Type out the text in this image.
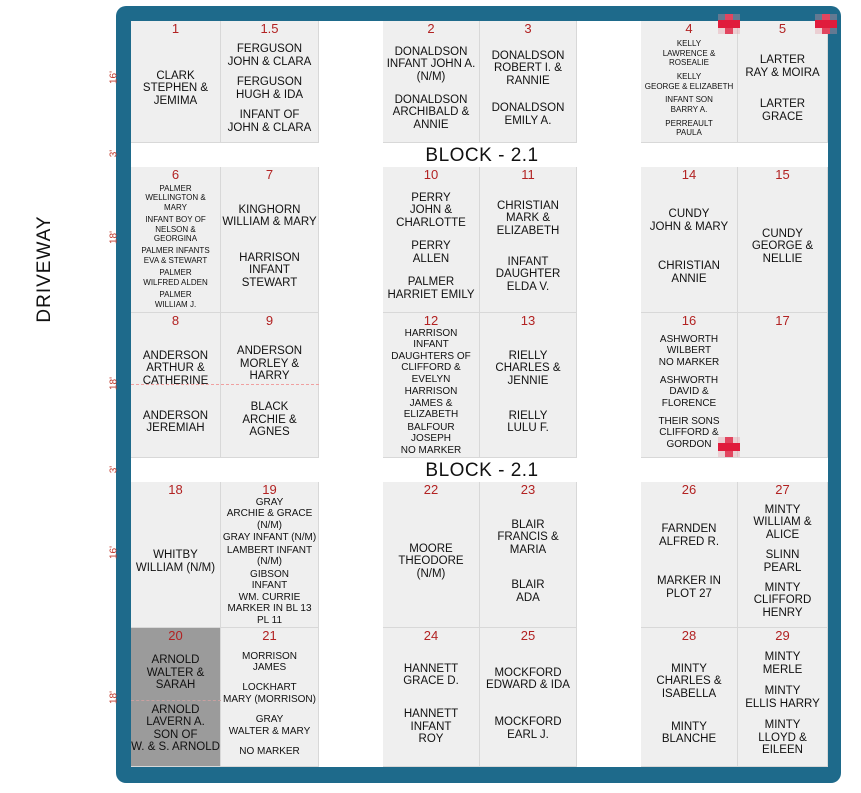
1
CLARK
STEPHEN & JEMIMA
1.5
FERGUSON
JOHN & CLARA
FERGUSON
HUGH & IDA
INFANT OF
JOHN & CLARA
2
DONALDSON
INFANT JOHN A.
(N/M)
DONALDSON
ARCHIBALD & ANNIE
3
DONALDSON
ROBERT I. &
RANNIE
DONALDSON
EMILY A.
4
KELLY
LAWRENCE &
ROSEALIE
KELLY
GEORGE & ELIZABETH
INFANT SON
BARRY A.
PERREAULT
PAULA
5
LARTER
RAY & MOIRA
LARTER
GRACE
6
PALMER
WELLINGTON &
MARY
INFANT BOY OF
NELSON &
GEORGINA
PALMER INFANTS
EVA & STEWART
PALMER
WILFRED ALDEN
PALMER
WILLIAM J.
7
KINGHORN
WILLIAM & MARY
HARRISON
INFANT STEWART
10
PERRY
JOHN &
CHARLOTTE
PERRY
ALLEN
PALMER
HARRIET EMILY
11
CHRISTIAN
MARK & ELIZABETH
INFANT DAUGHTER
ELDA V.
14
CUNDY
JOHN & MARY
CHRISTIAN
ANNIE
15
CUNDY
GEORGE & NELLIE
8
ANDERSON
ARTHUR &
CATHERINE
ANDERSON
JEREMIAH
9
ANDERSON
MORLEY & HARRY
BLACK
ARCHIE & AGNES
12
HARRISON
INFANT
DAUGHTERS OF
CLIFFORD &
EVELYN
HARRISON
JAMES & ELIZABETH
BALFOUR
JOSEPH
NO MARKER
13
RIELLY
CHARLES & JENNIE
RIELLY
LULU F.
16
ASHWORTH
WILBERT
NO MARKER
ASHWORTH
DAVID & FLORENCE
THEIR SONS
CLIFFORD &
GORDON
17
18
WHITBY
WILLIAM (N/M)
19
GRAY
ARCHIE & GRACE (N/M)
GRAY INFANT (N/M)
LAMBERT INFANT (N/M)
GIBSON
INFANT
WM. CURRIE
MARKER IN BL 13 PL 11
22
MOORE
THEODORE (N/M)
23
BLAIR
FRANCIS & MARIA
BLAIR
ADA
26
FARNDEN
ALFRED R.
MARKER IN
PLOT 27
27
MINTY
WILLIAM & ALICE
SLINN
PEARL
MINTY
CLIFFORD HENRY
20
ARNOLD
WALTER & SARAH
ARNOLD
LAVERN A.
SON OF
W. & S. ARNOLD
21
MORRISON
JAMES
LOCKHART
MARY (MORRISON)
GRAY
WALTER & MARY
NO MARKER
24
HANNETT
GRACE D.
HANNETT
INFANT
ROY
25
MOCKFORD
EDWARD & IDA
MOCKFORD
EARL J.
28
MINTY
CHARLES &
ISABELLA
MINTY
BLANCHE
29
MINTY
MERLE
MINTY
ELLIS HARRY
MINTY
LLOYD & EILEEN
BLOCK - 2.1
BLOCK - 2.1
DRIVEWAY
16'
3'
18'
18'
3'
16'
18'
